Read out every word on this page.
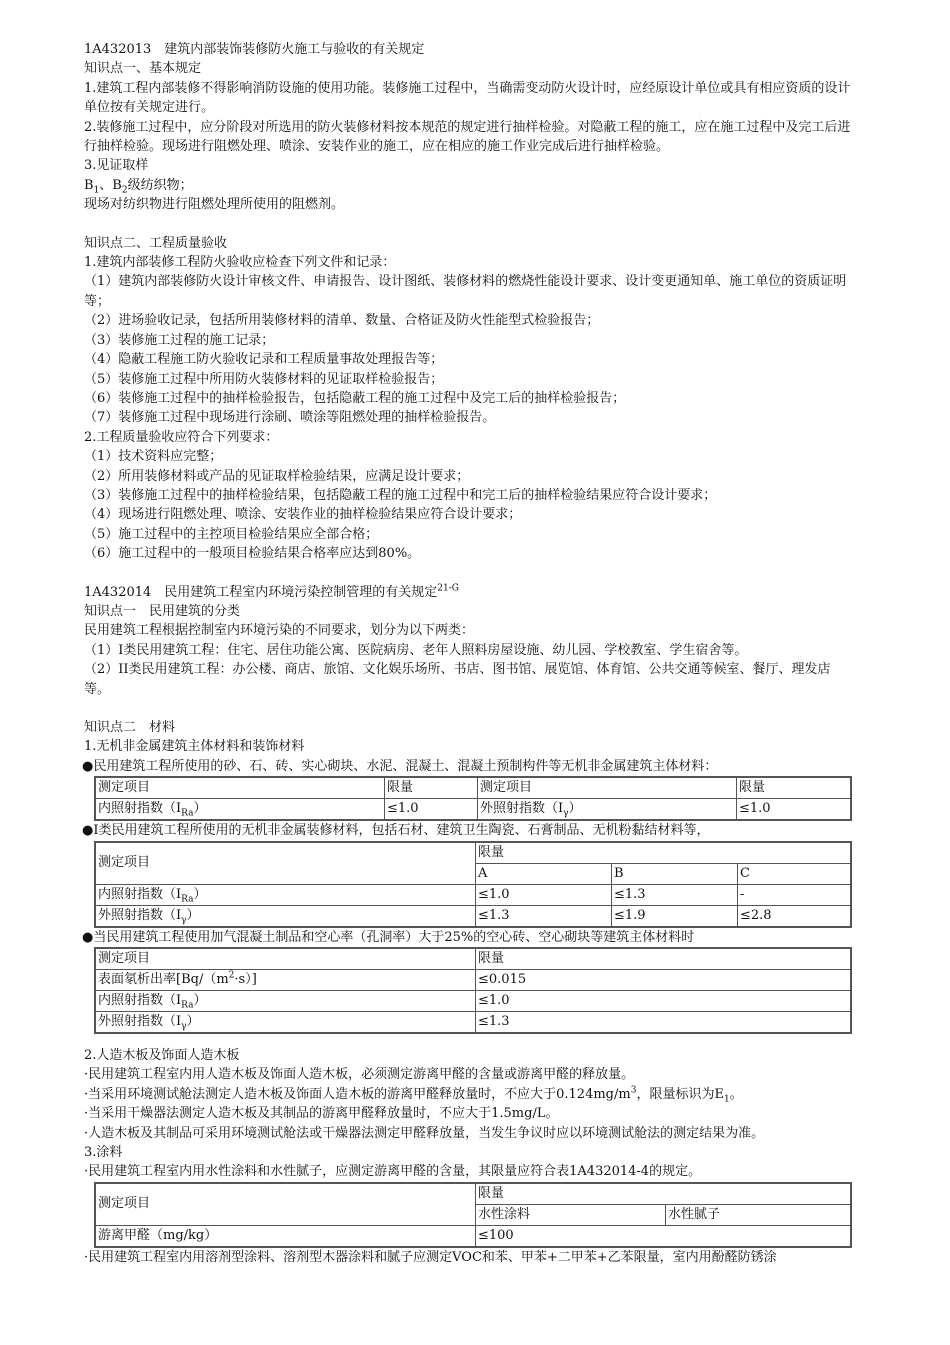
1A432013　建筑内部装饰装修防火施工与验收的有关规定

知识点一、基本规定

1.建筑工程内部装修不得影响消防设施的使用功能。装修施工过程中，当确需变动防火设计时，应经原设计单位或具有相应资质的设计单位按有关规定进行。

2.装修施工过程中，应分阶段对所选用的防火装修材料按本规范的规定进行抽样检验。对隐蔽工程的施工，应在施工过程中及完工后进行抽样检验。现场进行阻燃处理、喷涂、安装作业的施工，应在相应的施工作业完成后进行抽样检验。

3.见证取样

$B_1$、$B_2$级纺织物；

现场对纺织物进行阻燃处理所使用的阻燃剂。

知识点二、工程质量验收

1.建筑内部装修工程防火验收应检查下列文件和记录：

（1）建筑内部装修防火设计审核文件、申请报告、设计图纸、装修材料的燃烧性能设计要求、设计变更通知单、施工单位的资质证明等；

（2）进场验收记录，包括所用装修材料的清单、数量、合格证及防火性能型式检验报告；

（3）装修施工过程的施工记录；

（4）隐蔽工程施工防火验收记录和工程质量事故处理报告等；

（5）装修施工过程中所用防火装修材料的见证取样检验报告；

（6）装修施工过程中的抽样检验报告，包括隐蔽工程的施工过程中及完工后的抽样检验报告；

（7）装修施工过程中现场进行涂刷、喷涂等阻燃处理的抽样检验报告。

2.工程质量验收应符合下列要求：

（1）技术资料应完整；

（2）所用装修材料或产品的见证取样检验结果，应满足设计要求；

（3）装修施工过程中的抽样检验结果，包括隐蔽工程的施工过程中和完工后的抽样检验结果应符合设计要求；

（4）现场进行阻燃处理、喷涂、安装作业的抽样检验结果应符合设计要求；

（5）施工过程中的主控项目检验结果应全部合格；

（6）施工过程中的一般项目检验结果合格率应达到80%。

1A432014　民用建筑工程室内环境污染控制管理的有关规定$^{21-G}$

知识点一　民用建筑的分类

民用建筑工程根据控制室内环境污染的不同要求，划分为以下两类：

（1）I类民用建筑工程：住宅、居住功能公寓、医院病房、老年人照料房屋设施、幼儿园、学校教室、学生宿舍等。

（2）II类民用建筑工程：办公楼、商店、旅馆、文化娱乐场所、书店、图书馆、展览馆、体育馆、公共交通等候室、餐厅、理发店等。

知识点二　材料

1.无机非金属建筑主体材料和装饰材料

●民用建筑工程所使用的砂、石、砖、实心砌块、水泥、混凝土、混凝土预制构件等无机非金属建筑主体材料：

测定项目	限量	测定项目	限量
内照射指数$(I_{Ra})$	≤1.0	外照射指数$(I_\gamma)$	≤1.0

●I类民用建筑工程所使用的无机非金属装修材料，包括石材、建筑卫生陶瓷、石膏制品、无机粉黏结材料等，

测定项目	限量		
	A	B	C
内照射指数$(I_{Ra})$	≤1.0	≤1.3	-
外照射指数$(I_\gamma)$	≤1.3	≤1.9	≤2.8

●当民用建筑工程使用加气混凝土制品和空心率（孔洞率）大于25%的空心砖、空心砌块等建筑主体材料时

测定项目	限量
表面氡析出率$[Bq/(m^2\cdot s)]$	≤0.015
内照射指数$(I_{Ra})$	≤1.0
外照射指数$(I_\gamma)$	≤1.3

2.人造木板及饰面人造木板

·民用建筑工程室内用人造木板及饰面人造木板，必须测定游离甲醛的含量或游离甲醛的释放量。

·当采用环境测试舱法测定人造木板及饰面人造木板的游离甲醛释放量时，不应大于$0.124mg/m^3$，限量标识为$E_1$。

·当采用干燥器法测定人造木板及其制品的游离甲醛释放量时，不应大于1.5mg/L。

·人造木板及其制品可采用环境测试舱法或干燥器法测定甲醛释放量，当发生争议时应以环境测试舱法的测定结果为准。

3.涂料

·民用建筑工程室内用水性涂料和水性腻子，应测定游离甲醛的含量，其限量应符合表1A432014-4的规定。

测定项目	限量	
	水性涂料	水性腻子
游离甲醛（mg/kg）	≤100	

·民用建筑工程室内用溶剂型涂料、溶剂型木器涂料和腻子应测定VOC和苯、甲苯+二甲苯+乙苯限量，室内用酚醛防锈涂
